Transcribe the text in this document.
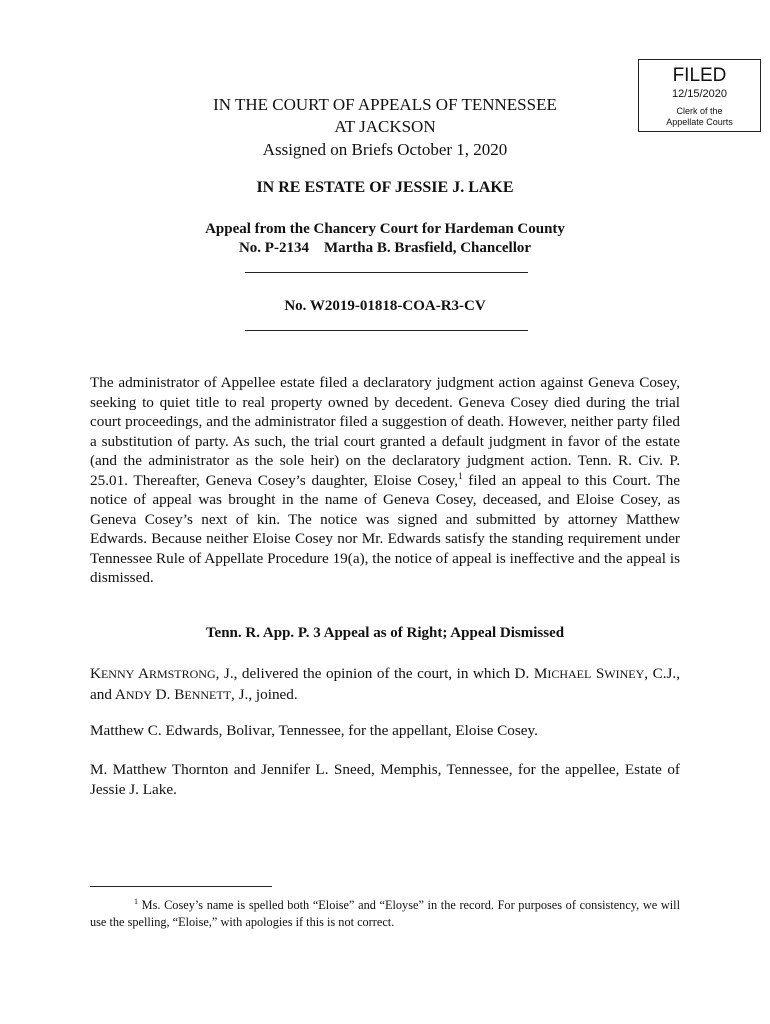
FILED
12/15/2020
Clerk of the
Appellate Courts
IN THE COURT OF APPEALS OF TENNESSEE
AT JACKSON
Assigned on Briefs October 1, 2020
IN RE ESTATE OF JESSIE J. LAKE
Appeal from the Chancery Court for Hardeman County
No. P-2134    Martha B. Brasfield, Chancellor
No. W2019-01818-COA-R3-CV
The administrator of Appellee estate filed a declaratory judgment action against Geneva Cosey, seeking to quiet title to real property owned by decedent. Geneva Cosey died during the trial court proceedings, and the administrator filed a suggestion of death. However, neither party filed a substitution of party. As such, the trial court granted a default judgment in favor of the estate (and the administrator as the sole heir) on the declaratory judgment action. Tenn. R. Civ. P. 25.01. Thereafter, Geneva Cosey’s daughter, Eloise Cosey,$^1$ filed an appeal to this Court. The notice of appeal was brought in the name of Geneva Cosey, deceased, and Eloise Cosey, as Geneva Cosey’s next of kin. The notice was signed and submitted by attorney Matthew Edwards. Because neither Eloise Cosey nor Mr. Edwards satisfy the standing requirement under Tennessee Rule of Appellate Procedure 19(a), the notice of appeal is ineffective and the appeal is dismissed.
Tenn. R. App. P. 3 Appeal as of Right; Appeal Dismissed
KENNY ARMSTRONG, J., delivered the opinion of the court, in which D. MICHAEL SWINEY, C.J., and ANDY D. BENNETT, J., joined.
Matthew C. Edwards, Bolivar, Tennessee, for the appellant, Eloise Cosey.
M. Matthew Thornton and Jennifer L. Sneed, Memphis, Tennessee, for the appellee, Estate of Jessie J. Lake.
$^1$ Ms. Cosey’s name is spelled both “Eloise” and “Eloyse” in the record. For purposes of consistency, we will use the spelling, “Eloise,” with apologies if this is not correct.
